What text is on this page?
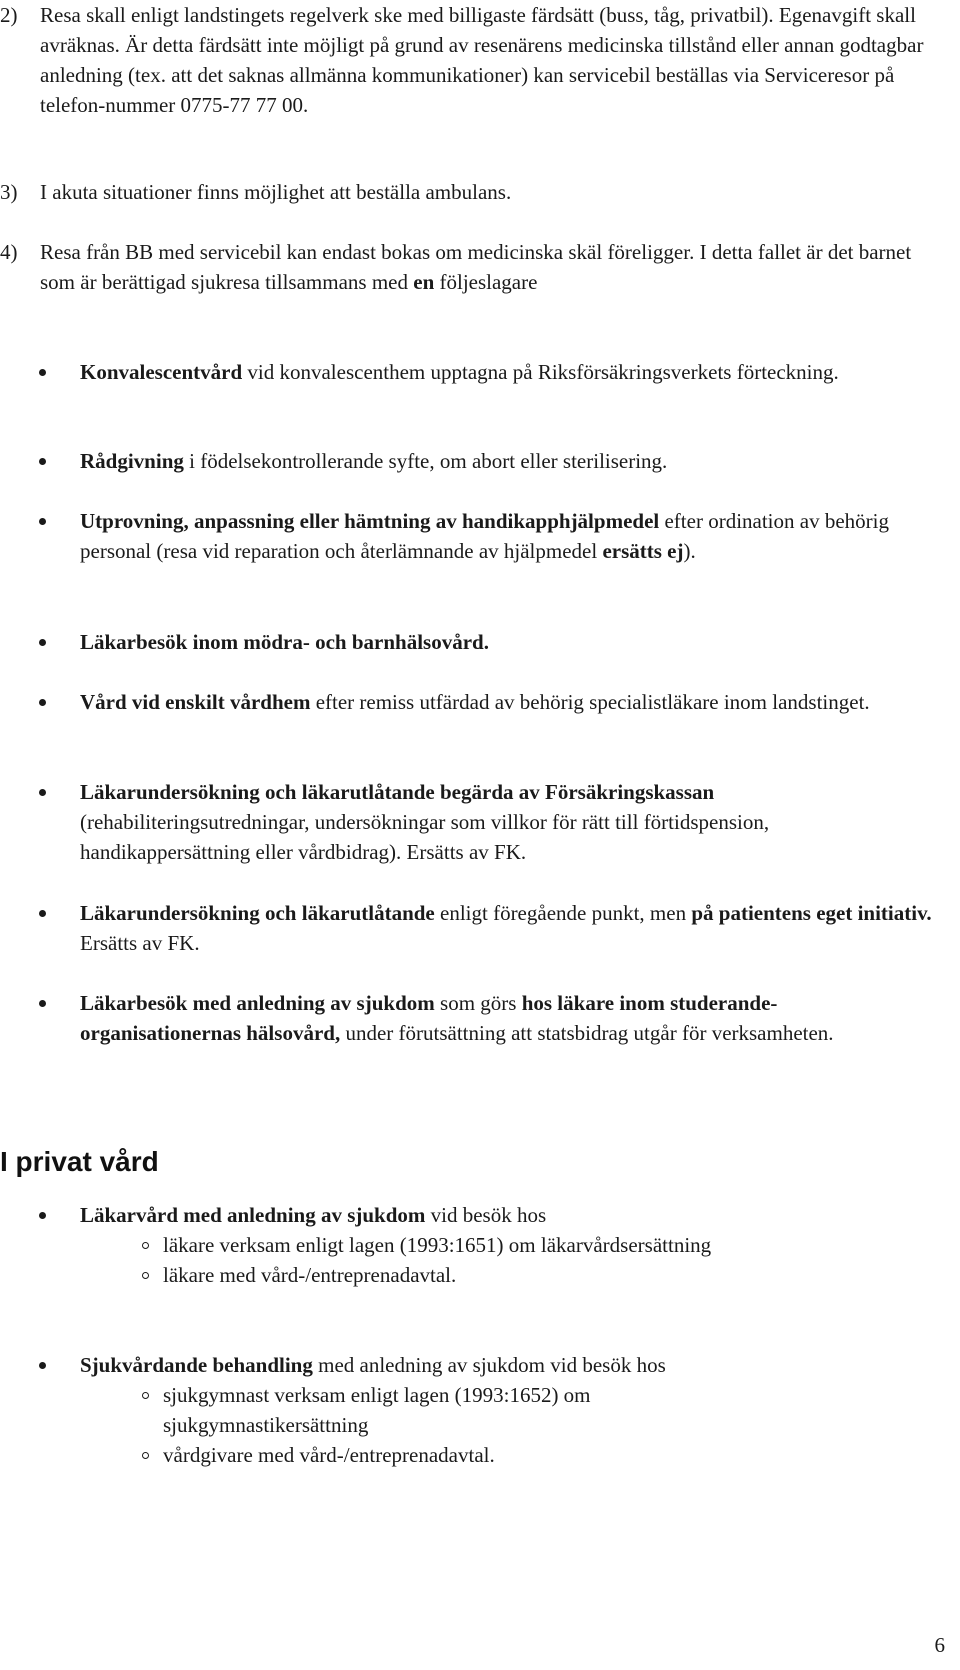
2) Resa skall enligt landstingets regelverk ske med billigaste färdsätt (buss, tåg, privatbil). Egenavgift skall avräknas. Är detta färdsätt inte möjligt på grund av resenärens medicinska tillstånd eller annan godtagbar anledning (tex. att det saknas allmänna kommunikationer) kan servicebil beställas via Serviceresor på telefon-nummer 0775-77 77 00.
3) I akuta situationer finns möjlighet att beställa ambulans.
4) Resa från BB med servicebil kan endast bokas om medicinska skäl föreligger. I detta fallet är det barnet som är berättigad sjukresa tillsammans med en följeslagare
Konvalescentvård vid konvalescenthem upptagna på Riksförsäkringsverkets förteckning.
Rådgivning i födelsekontrollerande syfte, om abort eller sterilisering.
Utprovning, anpassning eller hämtning av handikapphjälpmedel efter ordination av behörig personal (resa vid reparation och återlämnande av hjälpmedel ersätts ej).
Läkarbesök inom mödra- och barnhälsovård.
Vård vid enskilt vårdhem efter remiss utfärdad av behörig specialistläkare inom landstinget.
Läkarundersökning och läkarutlåtande begärda av Försäkringskassan (rehabiliteringsutredningar, undersökningar som villkor för rätt till förtidspension, handikappersättning eller vårdbidrag). Ersätts av FK.
Läkarundersökning och läkarutlåtande enligt föregående punkt, men på patientens eget initiativ. Ersätts av FK.
Läkarbesök med anledning av sjukdom som görs hos läkare inom studerande- organisationernas hälsovård, under förutsättning att statsbidrag utgår för verksamheten.
I privat vård
Läkarvård med anledning av sjukdom vid besök hos
läkare verksam enligt lagen (1993:1651) om läkarvårdsersättning
läkare med vård-/entreprenadavtal.
Sjukvårdande behandling med anledning av sjukdom vid besök hos
sjukgymnast verksam enligt lagen (1993:1652) om sjukgymnastikersättning
vårdgivare med vård-/entreprenadavtal.
6
